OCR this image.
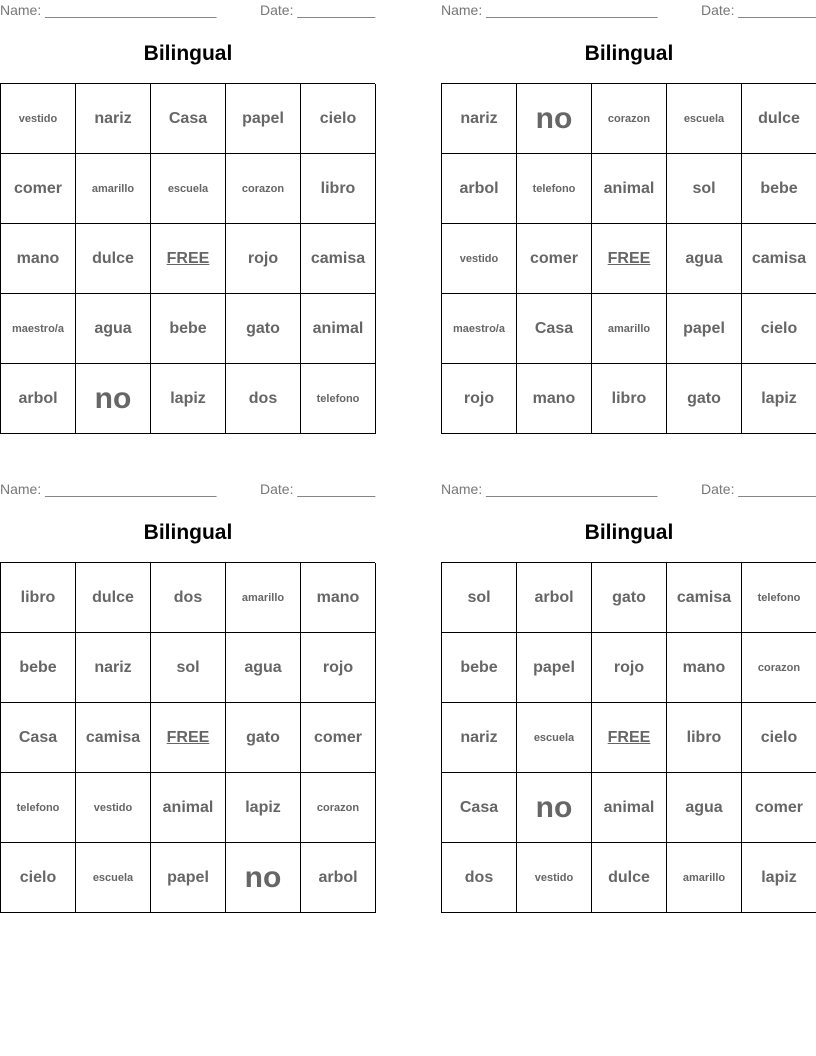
Name: ______________________	Date: __________
Bilingual
vestido	nariz	Casa	papel	cielo
comer	amarillo	escuela	corazon	libro
mano	dulce	FREE	rojo	camisa
maestro/a	agua	bebe	gato	animal
arbol	no	lapiz	dos	telefono
Name: ______________________	Date: __________
Bilingual
nariz	no	corazon	escuela	dulce
arbol	telefono	animal	sol	bebe
vestido	comer	FREE	agua	camisa
maestro/a	Casa	amarillo	papel	cielo
rojo	mano	libro	gato	lapiz
Name: ______________________	Date: __________
Bilingual
libro	dulce	dos	amarillo	mano
bebe	nariz	sol	agua	rojo
Casa	camisa	FREE	gato	comer
telefono	vestido	animal	lapiz	corazon
cielo	escuela	papel	no	arbol
Name: ______________________	Date: __________
Bilingual
sol	arbol	gato	camisa	telefono
bebe	papel	rojo	mano	corazon
nariz	escuela	FREE	libro	cielo
Casa	no	animal	agua	comer
dos	vestido	dulce	amarillo	lapiz
